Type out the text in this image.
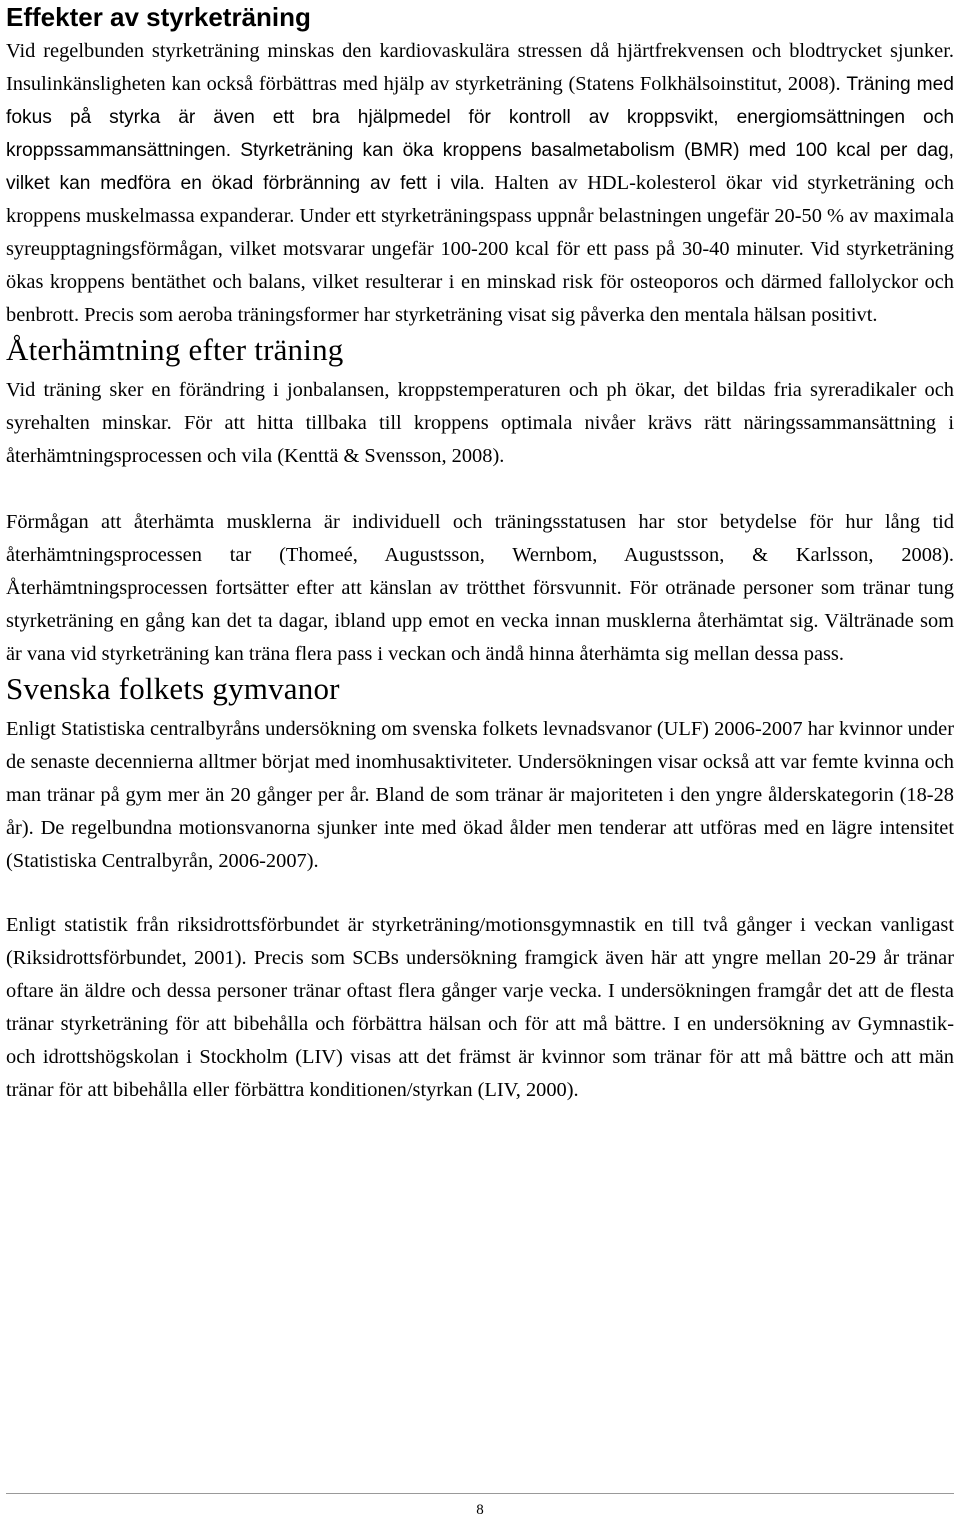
Effekter av styrketräning

Vid regelbunden styrketräning minskas den kardiovaskulära stressen då hjärtfrekvensen och blodtrycket sjunker. Insulinkänsligheten kan också förbättras med hjälp av styrketräning (Statens Folkhälsoinstitut, 2008). Träning med fokus på styrka är även ett bra hjälpmedel för kontroll av kroppsvikt, energiomsättningen och kroppssammansättningen. Styrketräning kan öka kroppens basalmetabolism (BMR) med 100 kcal per dag, vilket kan medföra en ökad förbränning av fett i vila. Halten av HDL-kolesterol ökar vid styrketräning och kroppens muskelmassa expanderar. Under ett styrketräningspass uppnår belastningen ungefär 20-50 % av maximala syreupptagningsförmågan, vilket motsvarar ungefär 100-200 kcal för ett pass på 30-40 minuter. Vid styrketräning ökas kroppens bentäthet och balans, vilket resulterar i en minskad risk för osteoporos och därmed fallolyckor och benbrott. Precis som aeroba träningsformer har styrketräning visat sig påverka den mentala hälsan positivt.

Återhämtning efter träning

Vid träning sker en förändring i jonbalansen, kroppstemperaturen och ph ökar, det bildas fria syreradikaler och syrehalten minskar. För att hitta tillbaka till kroppens optimala nivåer krävs rätt näringssammansättning i återhämtningsprocessen och vila (Kenttä & Svensson, 2008).

Förmågan att återhämta musklerna är individuell och träningsstatusen har stor betydelse för hur lång tid återhämtningsprocessen tar (Thomeé, Augustsson, Wernbom, Augustsson, & Karlsson, 2008). Återhämtningsprocessen fortsätter efter att känslan av trötthet försvunnit. För otränade personer som tränar tung styrketräning en gång kan det ta dagar, ibland upp emot en vecka innan musklerna återhämtat sig. Vältränade som är vana vid styrketräning kan träna flera pass i veckan och ändå hinna återhämta sig mellan dessa pass.

Svenska folkets gymvanor

Enligt Statistiska centralbyråns undersökning om svenska folkets levnadsvanor (ULF) 2006-2007 har kvinnor under de senaste decennierna alltmer börjat med inomhusaktiviteter. Undersökningen visar också att var femte kvinna och man tränar på gym mer än 20 gånger per år. Bland de som tränar är majoriteten i den yngre ålderskategorin (18-28 år). De regelbundna motionsvanorna sjunker inte med ökad ålder men tenderar att utföras med en lägre intensitet (Statistiska Centralbyrån, 2006-2007).

Enligt statistik från riksidrottsförbundet är styrketräning/motionsgymnastik en till två gånger i veckan vanligast (Riksidrottsförbundet, 2001). Precis som SCBs undersökning framgick även här att yngre mellan 20-29 år tränar oftare än äldre och dessa personer tränar oftast flera gånger varje vecka. I undersökningen framgår det att de flesta tränar styrketräning för att bibehålla och förbättra hälsan och för att må bättre. I en undersökning av Gymnastik- och idrottshögskolan i Stockholm (LIV) visas att det främst är kvinnor som tränar för att må bättre och att män tränar för att bibehålla eller förbättra konditionen/styrkan (LIV, 2000).

8
